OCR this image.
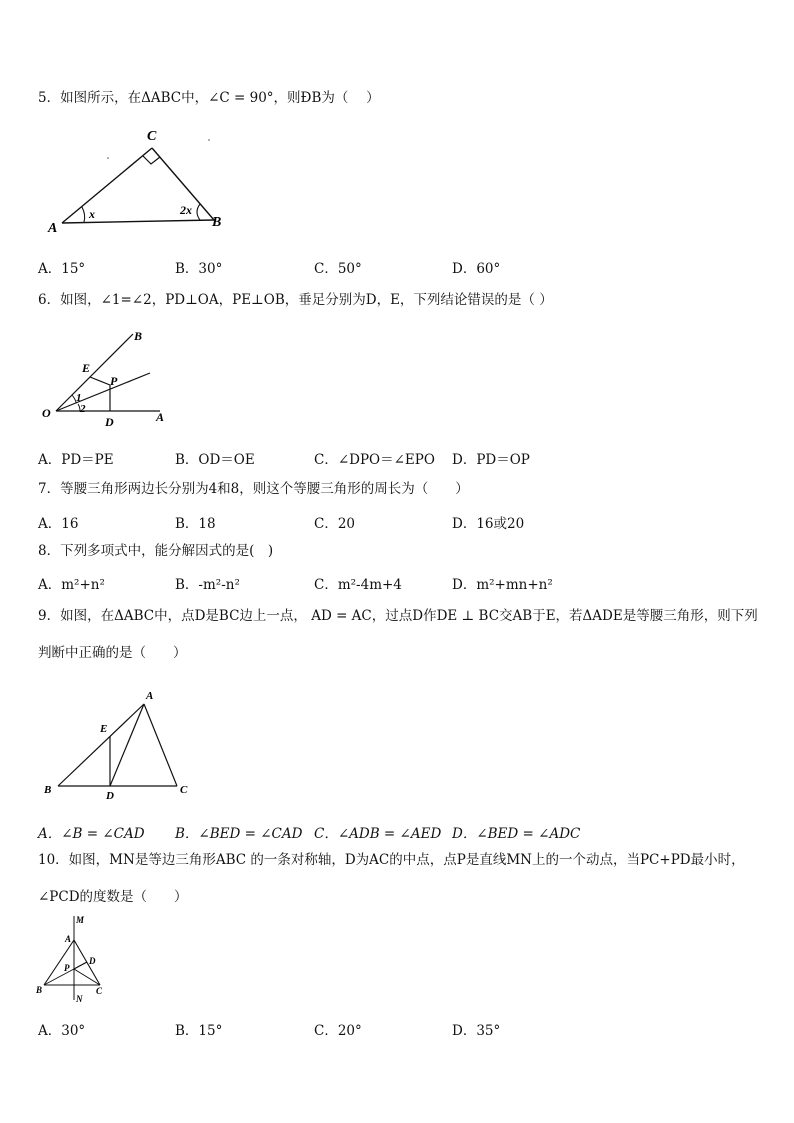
5．如图所示，在ΔABC中，∠C = 90°，则ÐB为（　 ）
C
A	B
x	2x
A．15°	B．30°	C．50°	D．60°
6．如图，∠1=∠2，PD⊥OA，PE⊥OB，垂足分别为D，E，下列结论错误的是（ ）
B
E
P
1
2
O
D	A
A．PD＝PE	B．OD＝OE	C．∠DPO＝∠EPO D．PD＝OP
7．等腰三角形两边长分别为4和8，则这个等腰三角形的周长为（　　）
A．16	B．18	C．20	D．16或20
8．下列多项式中，能分解因式的是(　)
A．m²+n²	B．-m²-n²	C．m²-4m+4	D．m²+mn+n²
9．如图，在ΔABC中，点D是BC边上一点， AD = AC，过点D作DE ⊥ BC交AB于E，若ΔADE是等腰三角形，则下列判断中正确的是（　　）
A
E
B	D	C
A．∠B = ∠CAD B．∠BED = ∠CAD C．∠ADB = ∠AED D．∠BED = ∠ADC
10．如图，MN是等边三角形ABC 的一条对称轴，D为AC的中点，点P是直线MN上的一个动点，当PC+PD最小时，∠PCD的度数是（　　）
M
A
D
P
B	C
N
A．30°	B．15°	C．20°	D．35°
